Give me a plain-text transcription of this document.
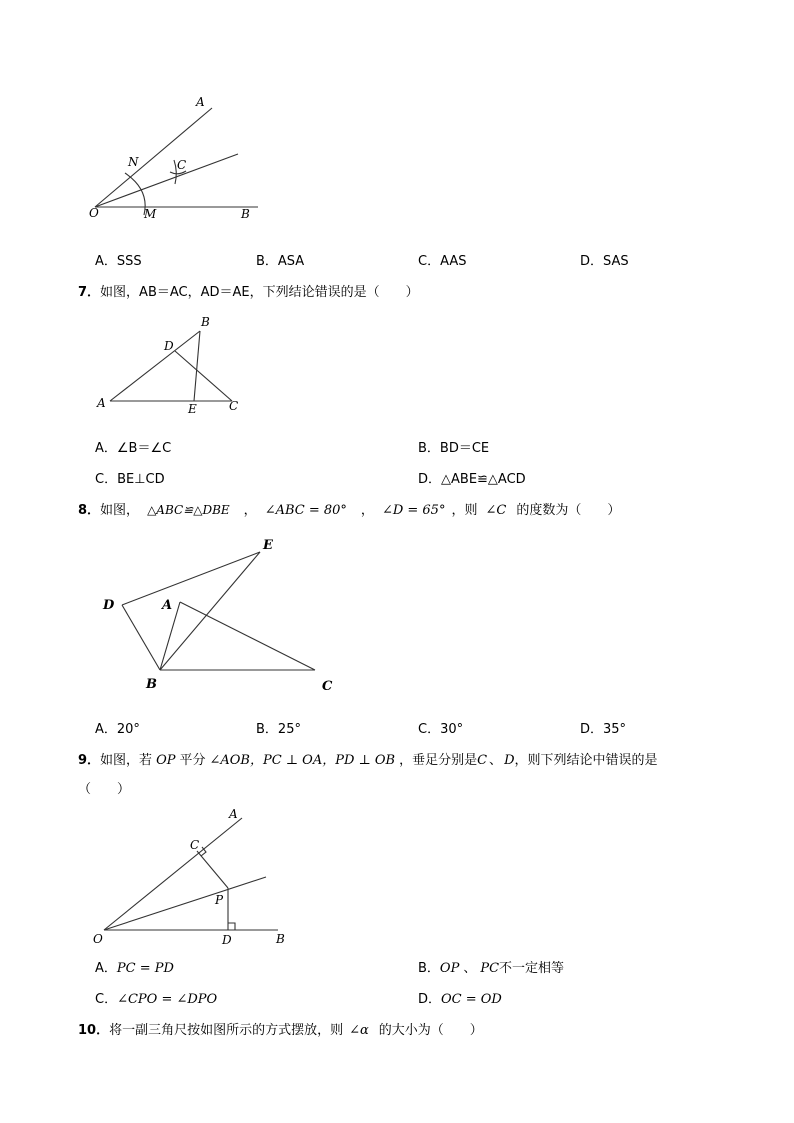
A
N	C
O	M	B
A．SSS	B．ASA	C．AAS	D．SAS
7．如图，AB＝AC，AD＝AE，下列结论错误的是（　　）
B
D
A	E	C
A．∠B＝∠C	B．BD＝CE
C．BE⊥CD	D．△ABE≌△ACD
8．如图， △ABC≌△DBE ， ∠ABC = 80° ， ∠D = 65° ，则 ∠C 的度数为（　　）
E
D	A
B	C
A．20°	B．25°	C．30°	D．35°
9．如图，若 OP 平分 ∠AOB，PC ⊥ OA，PD ⊥ OB ，垂足分别是C 、 D，则下列结论中错误的是
（　　）
A
C
P
O	D	B
A．PC = PD	B．OP 、 PC不一定相等
C．∠CPO = ∠DPO	D．OC = OD
10．将一副三角尺按如图所示的方式摆放，则 ∠α 的大小为（　　）
